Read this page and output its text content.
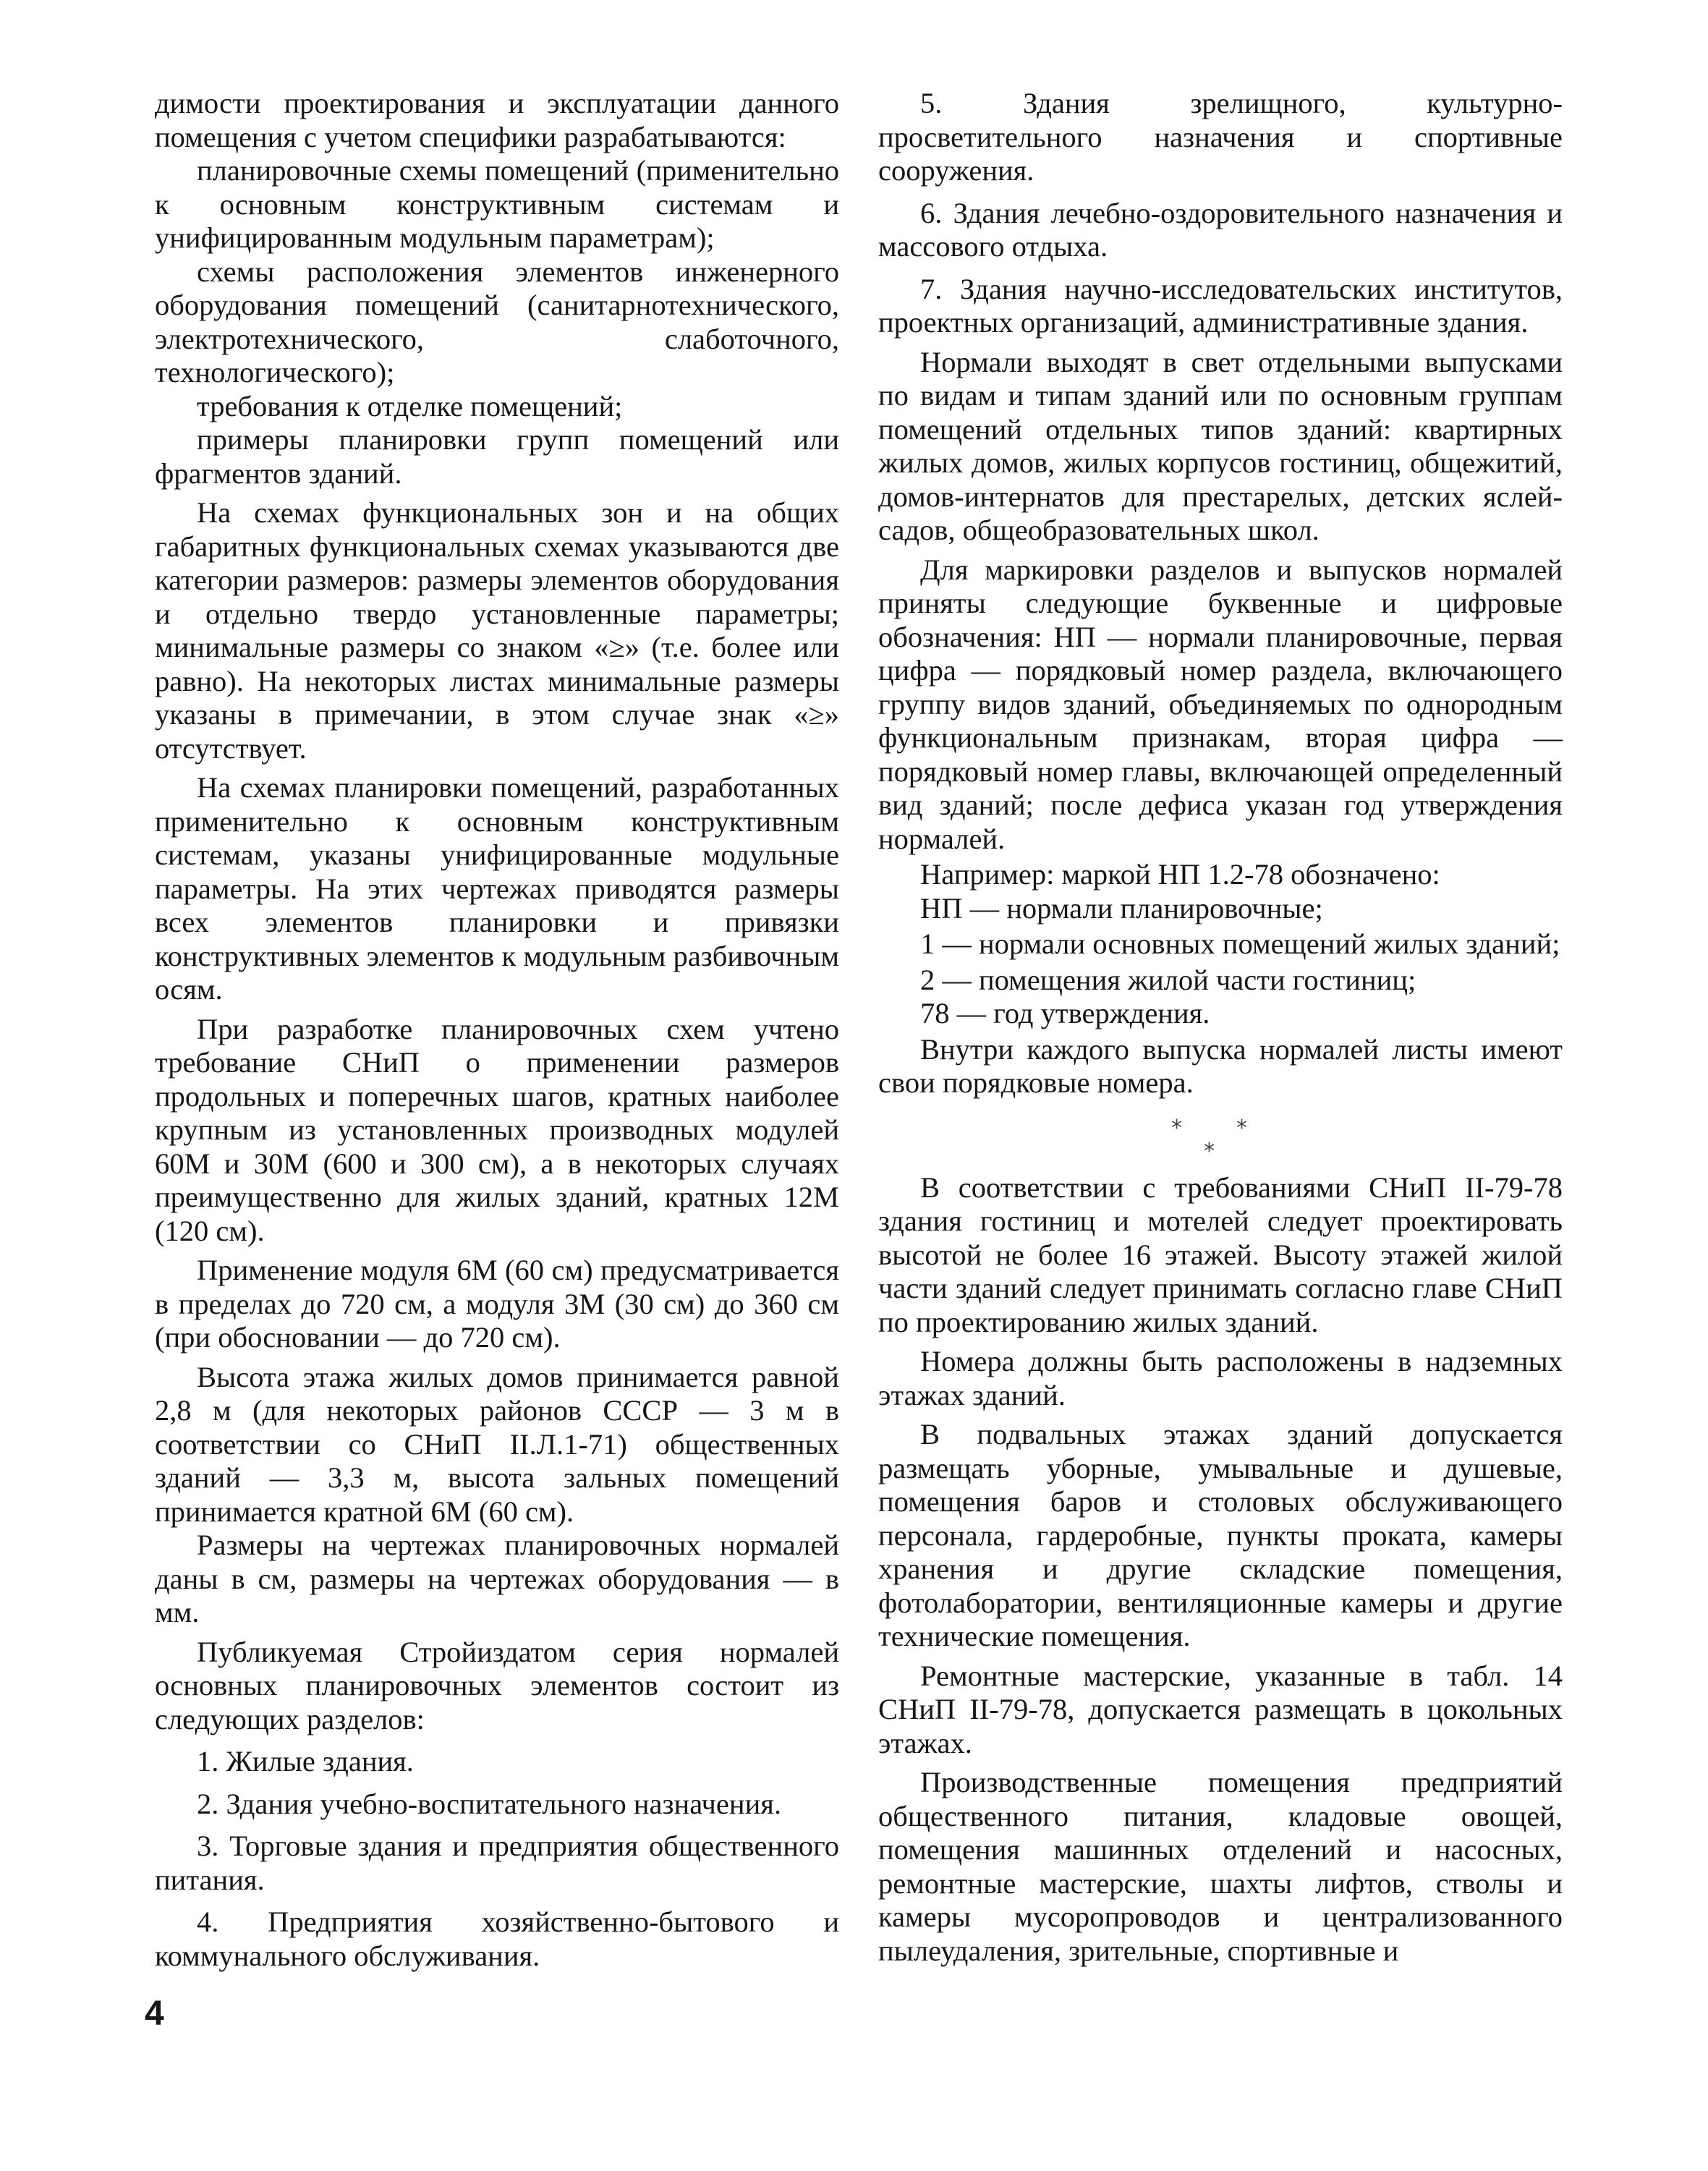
димости проектирования и эксплуатации данного помещения с учетом специфики разрабатываются:

планировочные схемы помещений (применительно к основным конструктивным системам и унифицированным модульным параметрам);

схемы расположения элементов инженерного оборудования помещений (санитарнотехнического, электротехнического, слаботочного, технологического);

требования к отделке помещений;

примеры планировки групп помещений или фрагментов зданий.

На схемах функциональных зон и на общих габаритных функциональных схемах указываются две категории размеров: размеры элементов оборудования и отдельно твердо установленные параметры; минимальные размеры со знаком «≥» (т.е. более или равно). На некоторых листах минимальные размеры указаны в примечании, в этом случае знак «≥» отсутствует.

На схемах планировки помещений, разработанных применительно к основным конструктивным системам, указаны унифицированные модульные параметры. На этих чертежах приводятся размеры всех элементов планировки и привязки конструктивных элементов к модульным разбивочным осям.

При разработке планировочных схем учтено требование СНиП о применении размеров продольных и поперечных шагов, кратных наиболее крупным из установленных производных модулей 60М и 30М (600 и 300 см), а в некоторых случаях преимущественно для жилых зданий, кратных 12М (120 см).

Применение модуля 6М (60 см) предусматривается в пределах до 720 см, а модуля 3М (30 см) до 360 см (при обосновании — до 720 см).

Высота этажа жилых домов принимается равной 2,8 м (для некоторых районов СССР — 3 м в соответствии со СНиП II.Л.1-71) общественных зданий — 3,3 м, высота зальных помещений принимается кратной 6М (60 см).

Размеры на чертежах планировочных нормалей даны в см, размеры на чертежах оборудования — в мм.

Публикуемая Стройиздатом серия нормалей основных планировочных элементов состоит из следующих разделов:

1. Жилые здания.

2. Здания учебно-воспитательного назначения.

3. Торговые здания и предприятия общественного питания.

4. Предприятия хозяйственно-бытового и коммунального обслуживания.

5. Здания зрелищного, культурно-просветительного назначения и спортивные сооружения.

6. Здания лечебно-оздоровительного назначения и массового отдыха.

7. Здания научно-исследовательских институтов, проектных организаций, административные здания.

Нормали выходят в свет отдельными выпусками по видам и типам зданий или по основным группам помещений отдельных типов зданий: квартирных жилых домов, жилых корпусов гостиниц, общежитий, домов-интернатов для престарелых, детских яслей-садов, общеобразовательных школ.

Для маркировки разделов и выпусков нормалей приняты следующие буквенные и цифровые обозначения: НП — нормали планировочные, первая цифра — порядковый номер раздела, включающего группу видов зданий, объединяемых по однородным функциональным признакам, вторая цифра — порядковый номер главы, включающей определенный вид зданий; после дефиса указан год утверждения нормалей.

Например: маркой НП 1.2-78 обозначено:

НП — нормали планировочные;

1 — нормали основных помещений жилых зданий;

2 — помещения жилой части гостиниц;

78 — год утверждения.

Внутри каждого выпуска нормалей листы имеют свои порядковые номера.

*	*
*

В соответствии с требованиями СНиП II-79-78 здания гостиниц и мотелей следует проектировать высотой не более 16 этажей. Высоту этажей жилой части зданий следует принимать согласно главе СНиП по проектированию жилых зданий.

Номера должны быть расположены в надземных этажах зданий.

В подвальных этажах зданий допускается размещать уборные, умывальные и душевые, помещения баров и столовых обслуживающего персонала, гардеробные, пункты проката, камеры хранения и другие складские помещения, фотолаборатории, вентиляционные камеры и другие технические помещения.

Ремонтные мастерские, указанные в табл. 14 СНиП II-79-78, допускается размещать в цокольных этажах.

Производственные помещения предприятий общественного питания, кладовые овощей, помещения машинных отделений и насосных, ремонтные мастерские, шахты лифтов, стволы и камеры мусоропроводов и централизованного пылеудаления, зрительные, спортивные и

4
